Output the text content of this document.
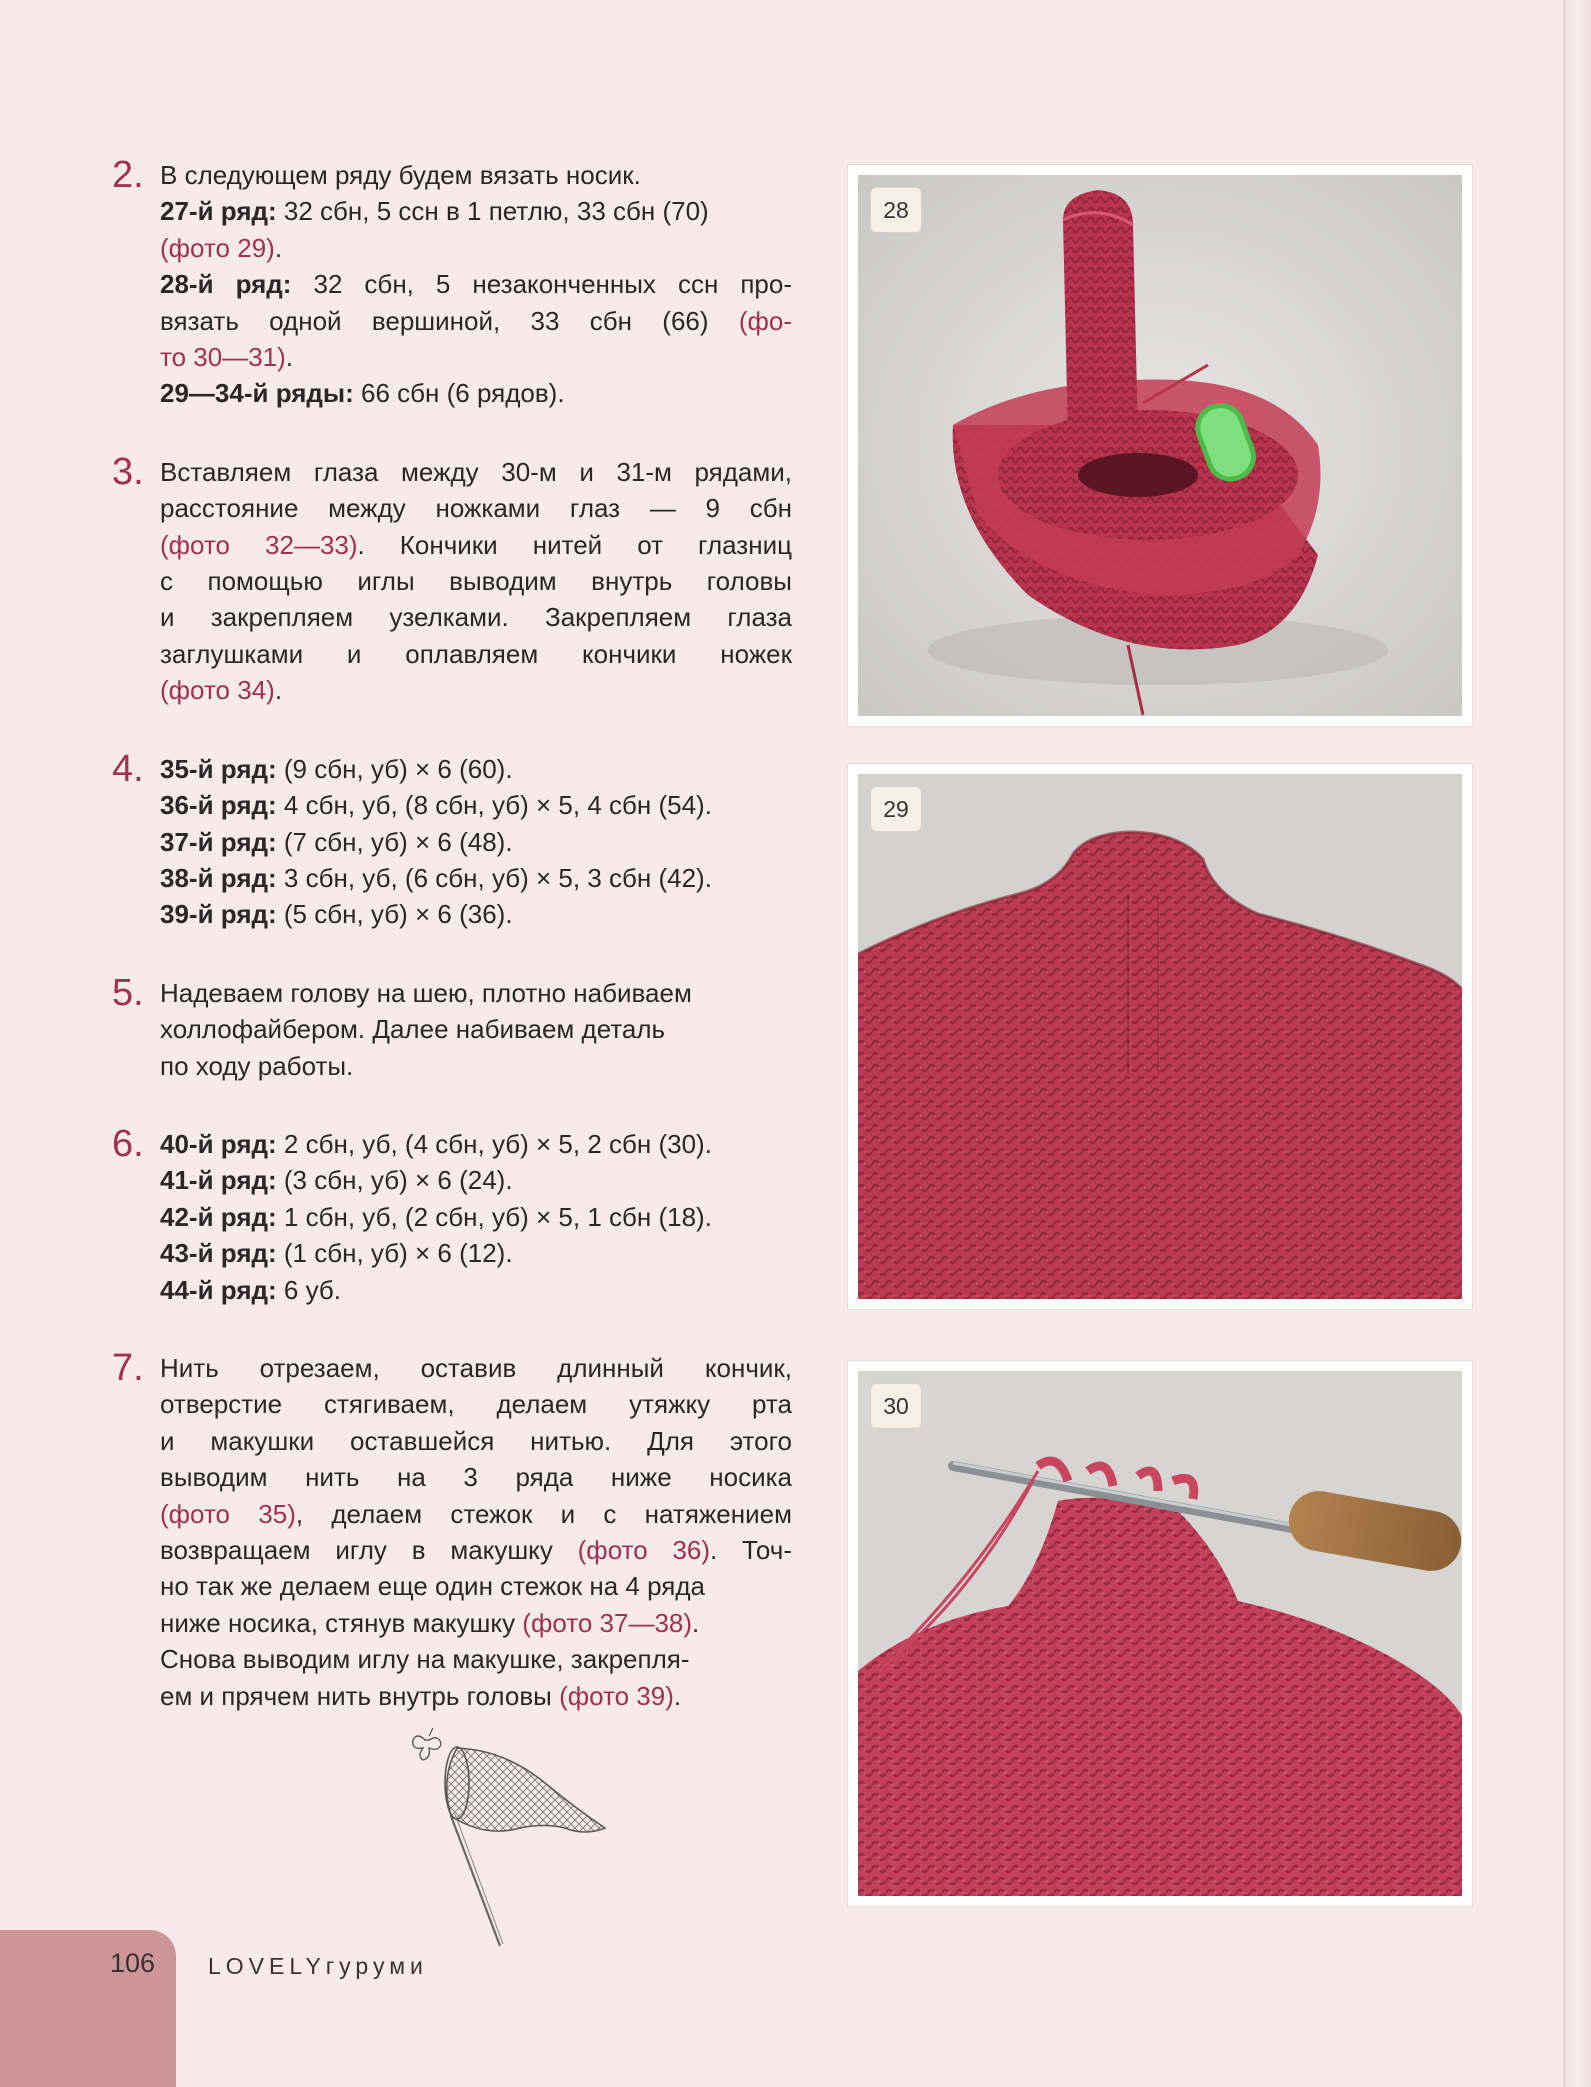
2. В следующем ряду будем вязать носик.

27-й ряд: 32 сбн, 5 ссн в 1 петлю, 33 сбн (70)

(фото 29).

28-й ряд: 32 сбн, 5 незаконченных ссн про-

вязать одной вершиной, 33 сбн (66) (фо-

то 30—31).

29—34-й ряды: 66 сбн (6 рядов).

3. Вставляем глаза между 30-м и 31-м рядами,

расстояние между ножками глаз — 9 сбн

(фото 32—33). Кончики нитей от глазниц

с помощью иглы выводим внутрь головы

и закрепляем узелками. Закрепляем глаза

заглушками и оплавляем кончики ножек

(фото 34).

4. 35-й ряд: (9 сбн, уб) × 6 (60).

36-й ряд: 4 сбн, уб, (8 сбн, уб) × 5, 4 сбн (54).

37-й ряд: (7 сбн, уб) × 6 (48).

38-й ряд: 3 сбн, уб, (6 сбн, уб) × 5, 3 сбн (42).

39-й ряд: (5 сбн, уб) × 6 (36).

5. Надеваем голову на шею, плотно набиваем

холлофайбером. Далее набиваем деталь

по ходу работы.

6. 40-й ряд: 2 сбн, уб, (4 сбн, уб) × 5, 2 сбн (30).

41-й ряд: (3 сбн, уб) × 6 (24).

42-й ряд: 1 сбн, уб, (2 сбн, уб) × 5, 1 сбн (18).

43-й ряд: (1 сбн, уб) × 6 (12).

44-й ряд: 6 уб.

7. Нить отрезаем, оставив длинный кончик,

отверстие стягиваем, делаем утяжку рта

и макушки оставшейся нитью. Для этого

выводим нить на 3 ряда ниже носика

(фото 35), делаем стежок и с натяжением

возвращаем иглу в макушку (фото 36). Точ-

но так же делаем еще один стежок на 4 ряда

ниже носика, стянув макушку (фото 37—38).

Снова выводим иглу на макушке, закрепля-

ем и прячем нить внутрь головы (фото 39).

28
29
30
106 LOVELYгуруми
